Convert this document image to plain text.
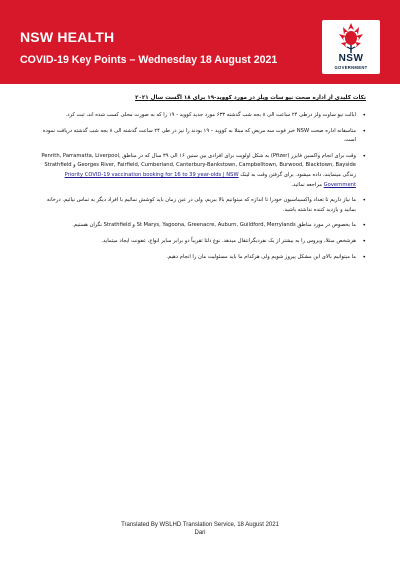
NSW HEALTH
COVID-19 Key Points – Wednesday 18 August 2021	NSW
GOVERNMENT
نکات کلیدی از اداره صحت نیو سات ویلز در مورد کووید-۱۹ برای ۱۸ اگست سال ۲۰۲۱
• ایالت نیو ساوت ولز درطی ۲۴ ساعت الی ۸ بجه شب گذشته ۶۳۳ مورد جدید کووید - ۱۹ را که به صورت محلی کسب شده اند، ثبت کرد.
• متاسفانه اداره صحت NSW خبر فوت سه مریض که مبتلا به کووید – ۱۹ بودند را نیز در طی ۲۴ ساعت گذشته الی ۸ بجه شب گذشته دریافت نموده است.
• وقت برای انجام واکسین فایزر (Pfizer) به شکل اولویت برای افرادی بین سنین ۱۶ الی ۳۹ سال که در مناطق Penrith, Parramatta, Liverpool, Georges River, Fairfield, Cumberland, Canterbury-Bankstown, Campbelltown, Burwood, Blacktown, Bayside و Strathfield زندگی مینمایند، داده میشود. برای گرفتن وقت به لینک Priority COVID-19 vaccination booking for 16 to 39 year-olds | NSW Government مراجعه نمائید.
• ما نیاز داریم تا تعداد واکسیناسیون خودرا تا اندازه که میتوانیم بالا ببریم، ولی در عین زمان باید کوشش نمائیم با افراد دیگر به تماس نیائیم. درخانه بمانید و بازدید کننده نداشته باشید.
• ما بخصوص در مورد مناطق St Marys, Yagoona, Greenacre, Auburn, Guildford, Merrylands و Strathfield نگران هستیم.
• هرشخص مبتلا، ویروس را به بیشتر از یک نفردیگرانتقال میدهد. نوع دلتا تقریباً دو برابر سایر انواع، عفونت ایجاد میتماید.
• ما میتوانیم بالای این مشکل پیروز شویم ولی هرکدام ما باید مسئولیت مان را انجام دهیم.
Translated By WSLHD Translation Service, 18 August 2021
Dari
